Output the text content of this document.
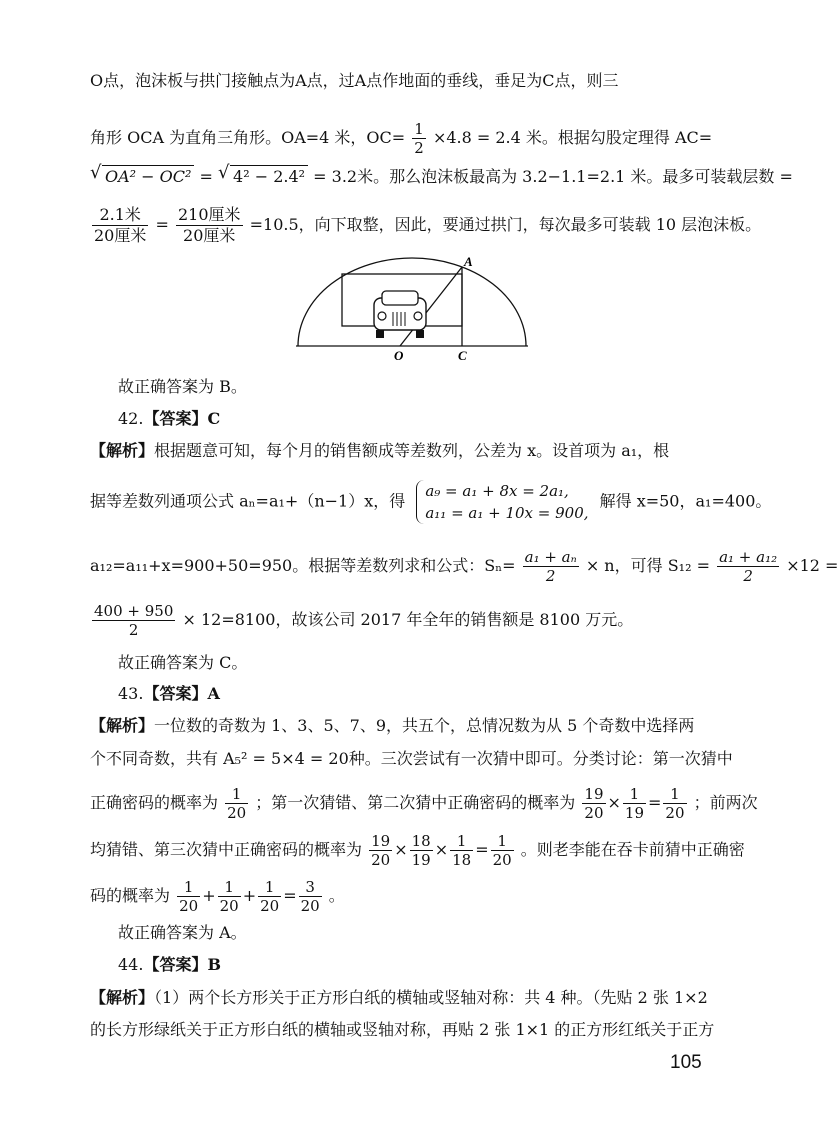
O点，泡沫板与拱门接触点为A点，过A点作地面的垂线，垂足为C点，则三
角形 OCA 为直角三角形。OA=4 米，$OC= \frac{1}{2} \times 4.8 = 2.4$ 米。根据勾股定理得 AC=
√ OA² − OC² = √ 4² − 2.4² = 3.2米。那么泡沫板最高为 3.2−1.1=2.1 米。最多可装载层数 =
$\frac{\text{2.1米}}{\text{20厘米}} = \frac{\text{210厘米}}{\text{20厘米}} =10.5$，向下取整，因此，要通过拱门，每次最多可装载 10 层泡沫板。
A
O	C
故正确答案为 B。
42.【答案】C
【解析】根据题意可知，每个月的销售额成等差数列，公差为 x。设首项为 a₁，根
据等差数列通项公式 aₙ=a₁+（n−1）x，得
a₉ = a₁ + 8x = 2a₁,
a₁₁ = a₁ + 10x = 900,
解得 x=50，a₁=400。
a₁₂=a₁₁+x=900+50=950。根据等差数列求和公式：$S_n= \frac{\text{a₁ + aₙ}}{2} \times n$，可得 $S_{12} = \frac{\text{a₁ + a₁₂}}{2} \times 12$ =
$\frac{400 + 950}{2} \times 12=8100$，故该公司 2017 年全年的销售额是 8100 万元。
故正确答案为 C。
43.【答案】A
【解析】一位数的奇数为 1、3、5、7、9，共五个，总情况数为从 5 个奇数中选择两
个不同奇数，共有 A₅² = 5×4 = 20种。三次尝试有一次猜中即可。分类讨论：第一次猜中
正确密码的概率为 $\frac{1}{20}$ ；第一次猜错、第二次猜中正确密码的概率为 $\frac{19}{20} \times \frac{1}{19} = \frac{1}{20}$ ；前两次
均猜错、第三次猜中正确密码的概率为 $\frac{19}{20} \times \frac{18}{19} \times \frac{1}{18} = \frac{1}{20}$ 。则老李能在吞卡前猜中正确密
码的概率为 $\frac{1}{20} + \frac{1}{20} + \frac{1}{20} = \frac{3}{20}$ 。
故正确答案为 A。
44.【答案】B
【解析】（1）两个长方形关于正方形白纸的横轴或竖轴对称：共 4 种。（先贴 2 张 1×2
的长方形绿纸关于正方形白纸的横轴或竖轴对称，再贴 2 张 1×1 的正方形红纸关于正方
105
